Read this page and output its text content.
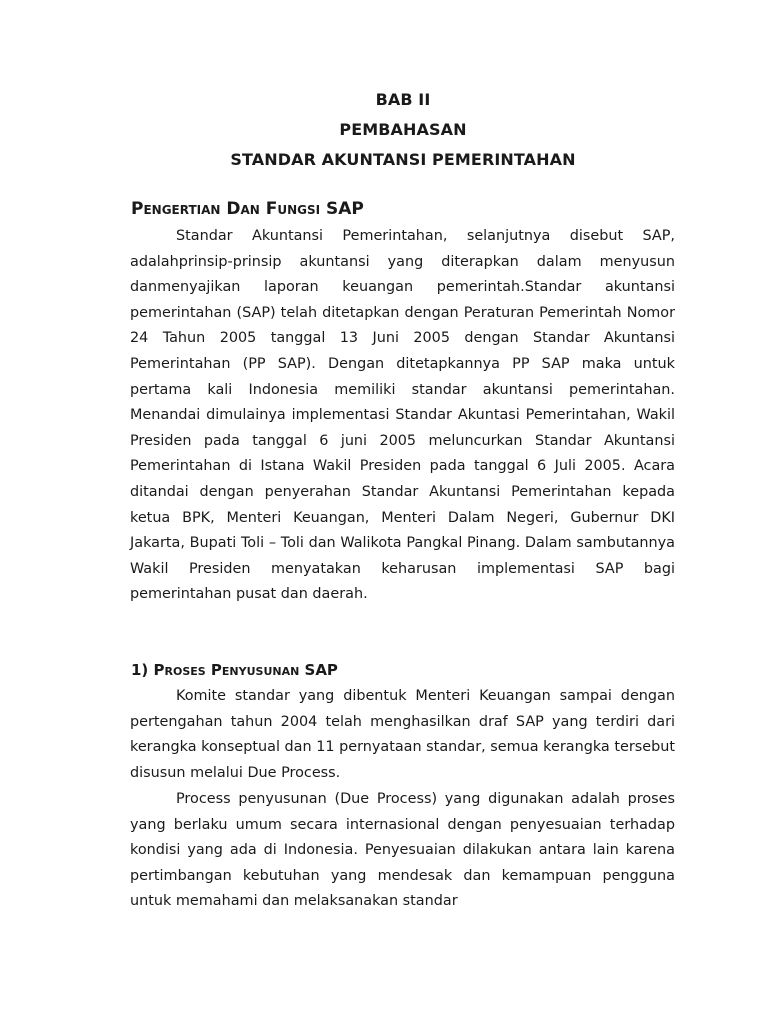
BAB II
PEMBAHASAN
STANDAR AKUNTANSI PEMERINTAHAN
Pengertian Dan Fungsi SAP

Standar Akuntansi Pemerintahan, selanjutnya disebut SAP, adalahprinsip-prinsip akuntansi yang diterapkan dalam menyusun danmenyajikan laporan keuangan pemerintah.Standar akuntansi pemerintahan (SAP) telah ditetapkan dengan Peraturan Pemerintah Nomor 24 Tahun 2005 tanggal 13 Juni 2005 dengan Standar Akuntansi Pemerintahan (PP SAP). Dengan ditetapkannya PP SAP maka untuk pertama kali Indonesia memiliki standar akuntansi pemerintahan. Menandai dimulainya implementasi Standar Akuntasi Pemerintahan, Wakil Presiden pada tanggal 6 juni 2005 meluncurkan Standar Akuntansi Pemerintahan di Istana Wakil Presiden pada tanggal 6 Juli 2005. Acara ditandai dengan penyerahan Standar Akuntansi Pemerintahan kepada ketua BPK, Menteri Keuangan, Menteri Dalam Negeri, Gubernur DKI Jakarta, Bupati Toli – Toli dan Walikota Pangkal Pinang. Dalam sambutannya Wakil Presiden menyatakan keharusan implementasi SAP bagi pemerintahan pusat dan daerah.

1) Proses Penyusunan SAP

Komite standar yang dibentuk Menteri Keuangan sampai dengan pertengahan tahun 2004 telah menghasilkan draf SAP yang terdiri dari kerangka konseptual dan 11 pernyataan standar, semua kerangka tersebut disusun melalui Due Process.

Process penyusunan (Due Process) yang digunakan adalah proses yang berlaku umum secara internasional dengan penyesuaian terhadap kondisi yang ada di Indonesia. Penyesuaian dilakukan antara lain karena pertimbangan kebutuhan yang mendesak dan kemampuan pengguna untuk memahami dan melaksanakan standar
